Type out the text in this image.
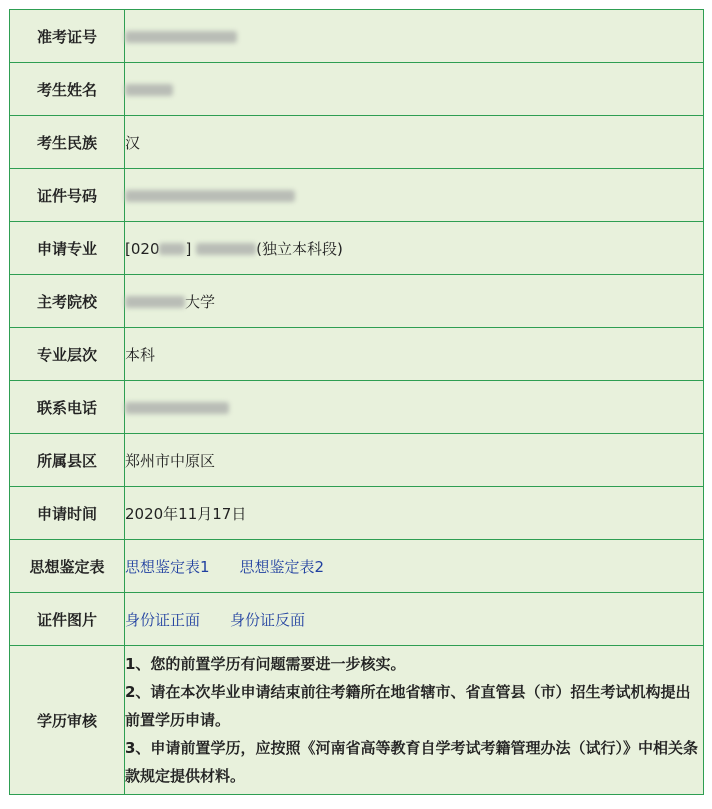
准考证号	
考生姓名	
考生民族	汉
证件号码	
申请专业	[020 ] (独立本科段)
主考院校	大学
专业层次	本科
联系电话	
所属县区	郑州市中原区
申请时间	2020年11月17日
思想鉴定表	思想鉴定表1 思想鉴定表2
证件图片	身份证正面 身份证反面
学历审核	1、您的前置学历有问题需要进一步核实。

2、请在本次毕业申请结束前往考籍所在地省辖市、省直管县（市）招生考试机构提出前置学历申请。

3、申请前置学历，应按照《河南省高等教育自学考试考籍管理办法（试行）》中相关条款规定提供材料。
